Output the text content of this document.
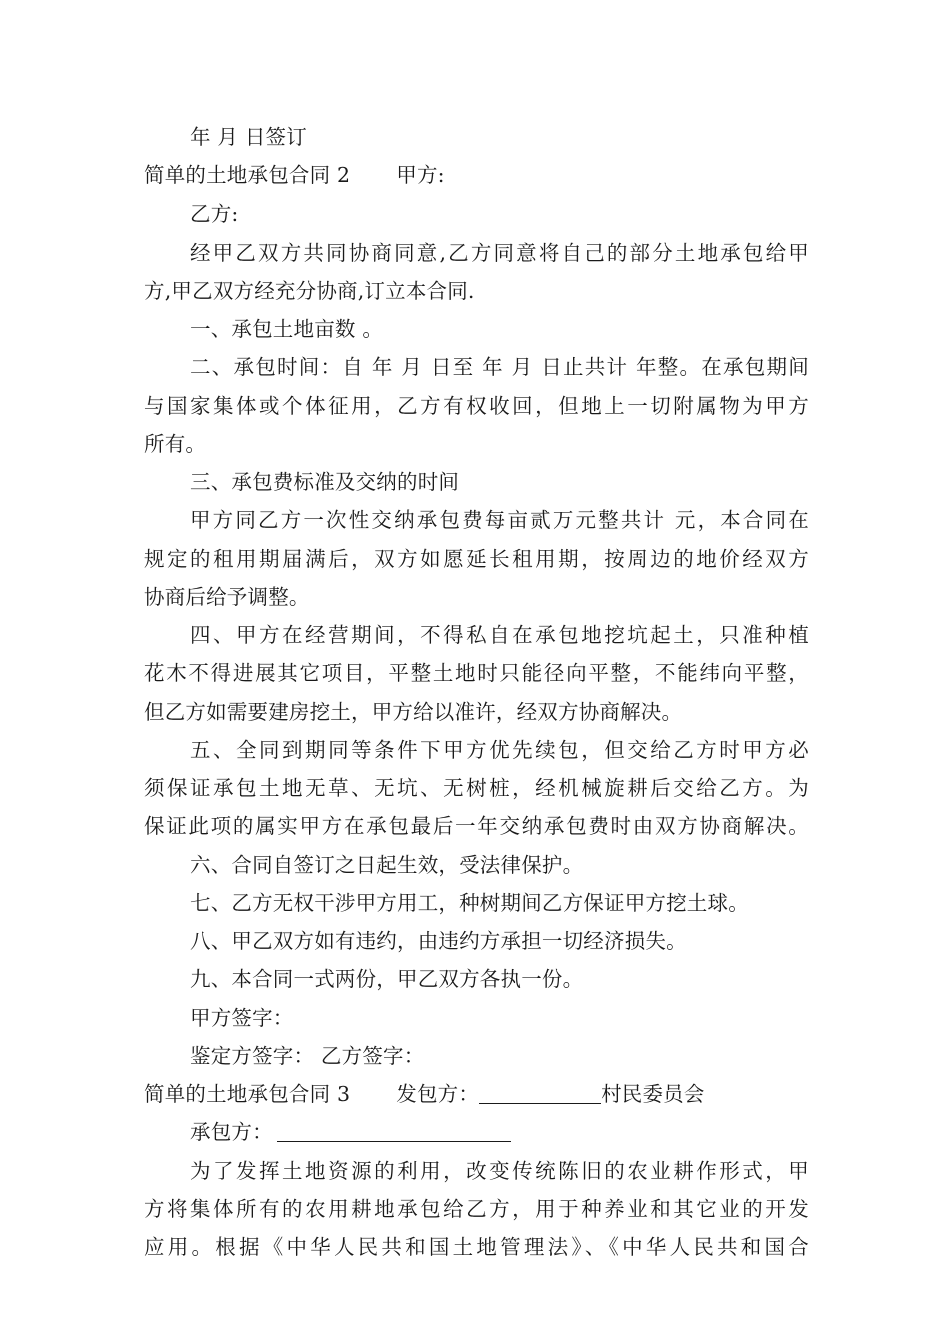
年 月 日签订
简单的土地承包合同 2 甲方:
乙方:
经甲乙双方共同协商同意,乙方同意将自己的部分土地承包给甲
方,甲乙双方经充分协商,订立本合同.
一、承包土地亩数 。
二、承包时间：自 年 月 日至 年 月 日止共计 年整。在承包期间
与国家集体或个体征用，乙方有权收回，但地上一切附属物为甲方
所有。
三、承包费标准及交纳的时间
甲方同乙方一次性交纳承包费每亩贰万元整共计 元，本合同在
规定的租用期届满后，双方如愿延长租用期，按周边的地价经双方
协商后给予调整。
四、甲方在经营期间，不得私自在承包地挖坑起土，只准种植
花木不得进展其它项目，平整土地时只能径向平整，不能纬向平整，
但乙方如需要建房挖土，甲方给以准许，经双方协商解决。
五、全同到期同等条件下甲方优先续包，但交给乙方时甲方必
须保证承包土地无草、无坑、无树桩，经机械旋耕后交给乙方。为
保证此项的属实甲方在承包最后一年交纳承包费时由双方协商解决。
六、合同自签订之日起生效，受法律保护。
七、乙方无权干涉甲方用工，种树期间乙方保证甲方挖土球。
八、甲乙双方如有违约，由违约方承担一切经济损失。
九、本合同一式两份，甲乙双方各执一份。
甲方签字：
鉴定方签字： 乙方签字：
简单的土地承包合同 3 发包方：	村民委员会
承包方：
为了发挥土地资源的利用，改变传统陈旧的农业耕作形式，甲
方将集体所有的农用耕地承包给乙方，用于种养业和其它业的开发
应用。根据《中华人民共和国土地管理法》、《中华人民共和国合
